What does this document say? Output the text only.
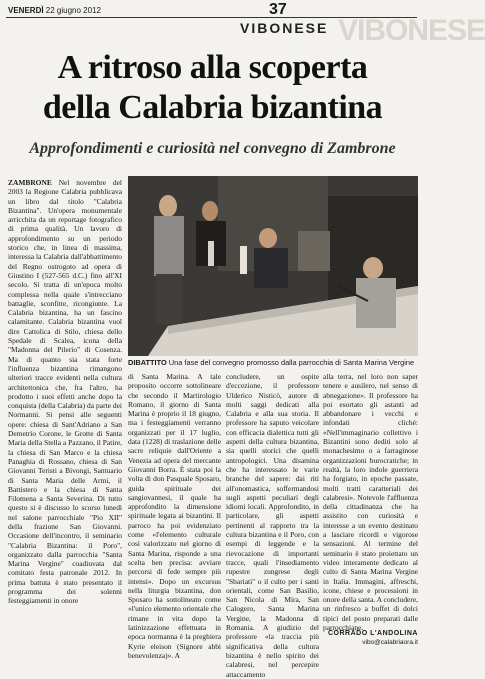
VENERDÌ 22 giugno 2012	37
VIBONESE VIBONESE
A ritroso alla scoperta
della Calabria bizantina
Approfondimenti e curiosità nel convegno di Zambrone
DIBATTITO Una fase del convegno promosso dalla parrocchia di Santa Marina Vergine
ZAMBRONE Nel novembre del 2003 la Regione Calabria pubblicava un libro dal titolo "Calabria Bizantina". Un'opera monumentale arricchita da un reportage fotografico di prima qualità. Un lavoro di approfondimento su un periodo storico che, in linea di massima, interessa la Calabria dall'abbattimento del Regno ostrogoto ad opera di Giustino I (527-565 d.C.) fino all'XI secolo. Si tratta di un'epoca molto complessa nella quale s'intrecciano battaglie, sconfitte, ricongiunte. La Calabria bizantina, ha un fascino calamitante. Calabria bizantina vuol dire Cattolica di Stilo, chiesa dello Spedale di Scalea, icona della "Madonna del Pilerio" di Cosenza. Ma di quanto sia stata forte l'influenza bizantina rimangono ulteriori tracce evidenti nella cultura architettonica che, fra l'altro, ha prodotto i suoi effetti anche dopo la conquista (della Calabria) da parte dei Normanni. Si pensi alle seguenti opere: chiesa di Sant'Adriano a San Demetrio Corone, le Grotte di Santa Maria della Stella a Pazzano, il Patire, la chiesa di San Marco e la chiesa Panaghia di Rossano, chiesa di San Giovanni Teristi a Bivongi, Santuario di Santa Maria delle Armi, il Battistero e la chiesa di Santa Filomena a Santa Severina. Di tutto questo si è discusso lo scorso lunedì nel salone parrocchiale "Pio XII" della frazione San Giovanni. Occasione dell'incontro, il seminario "Calabria Bizantina: il Poro", organizzato dalla parrocchia "Santa Marina Vergine" coadiuvata dal comitato festa patronale 2012. In prima battuta è stato presentato il programma dei solenni festeggiamenti in onore
di Santa Marina. A tale proposito occorre sottolineare che secondo il Martirologio Romano, il giorno di Santa Marina è proprio il 18 giugno, ma i festeggiamenti verranno organizzati per il 17 luglio, data (1228) di traslazione delle sacre reliquie dall'Oriente a Venezia ad opera del mercante Giovanni Borra. È stata poi la volta di don Pasquale Sposaro, guida spirituale dei sangiovannesi, il quale ha approfondito la dimensione spirituale legata ai bizantini. Il parroco ha poi evidenziato come «l'elemento culturale così valorizzato nel giorno di Santa Marina, risponde a una scelta ben precisa: avviare percorsi di fede sempre più intensi». Dopo un excursus nella liturgia bizantina, don Sposaro ha sottolineato come «l'unico elemento orientale che rimane in vita dopo la latinizzazione effettuata in epoca normanna è la preghiera Kyrie eleison (Signore abbi benevolenza)». A
concludere, un ospite d'eccezione, il professore Ulderico Nisticò, autore di molti saggi dedicati alla Calabria e alla sua storia. Il professore ha saputo veicolare con efficacia dialettica tutti gli aspetti della cultura bizantina, sia quelli storici che quelli antropologici. Una disamina che ha interessato le varie branche del sapere: dai riti all'onomastica, soffermandosi sugli aspetti peculiari degli idiomi locali. Approfondito, in particolare, gli aspetti pertinenti al rapporto tra la cultura bizantina e il Poro, con esempi di leggende e la rievocazione di importanti tracce, quali l'insediamento rupestre zungrese degli "Sbariati" o il culto per i santi orientali, come San Basilio, San Nicola di Mira, San Calogero, Santa Marina Vergine, la Madonna di Romania. A giudizio del professore «la traccia più significativa della cultura bizantina è nello spirito dei calabresi, nel percepire attaccamento
alla terra, nel loro non saper tenere e ausilero, nel senso di abnegazione». Il professore ha poi esortato gli astanti ad abbandonare i vecchi e infondati cliché: «Nell'immaginario collettivo i Bizantini sono dediti solo al monachesimo o a farraginose organizzazioni burocratiche; in realtà, la loro indole guerriera ha forgiato, in epoche passate, molti tratti caratteriali dei calabresi». Notevole l'affluenza della cittadinanza che ha assistito con curiosità e interesse a un evento destinato a lasciare ricordi e vigorose sensazioni. Al termine del seminario è stato proiettato un video interamente dedicato al culto di Santa Marina Vergine in Italia. Immagini, affreschi, icone, chiese e processioni in onore della santa. A concludere, un rinfresco a buffet di dolci tipici del posto preparati dalle parrocchiane.
CORRADO L'ANDOLINA
vibo@calabriaora.it
